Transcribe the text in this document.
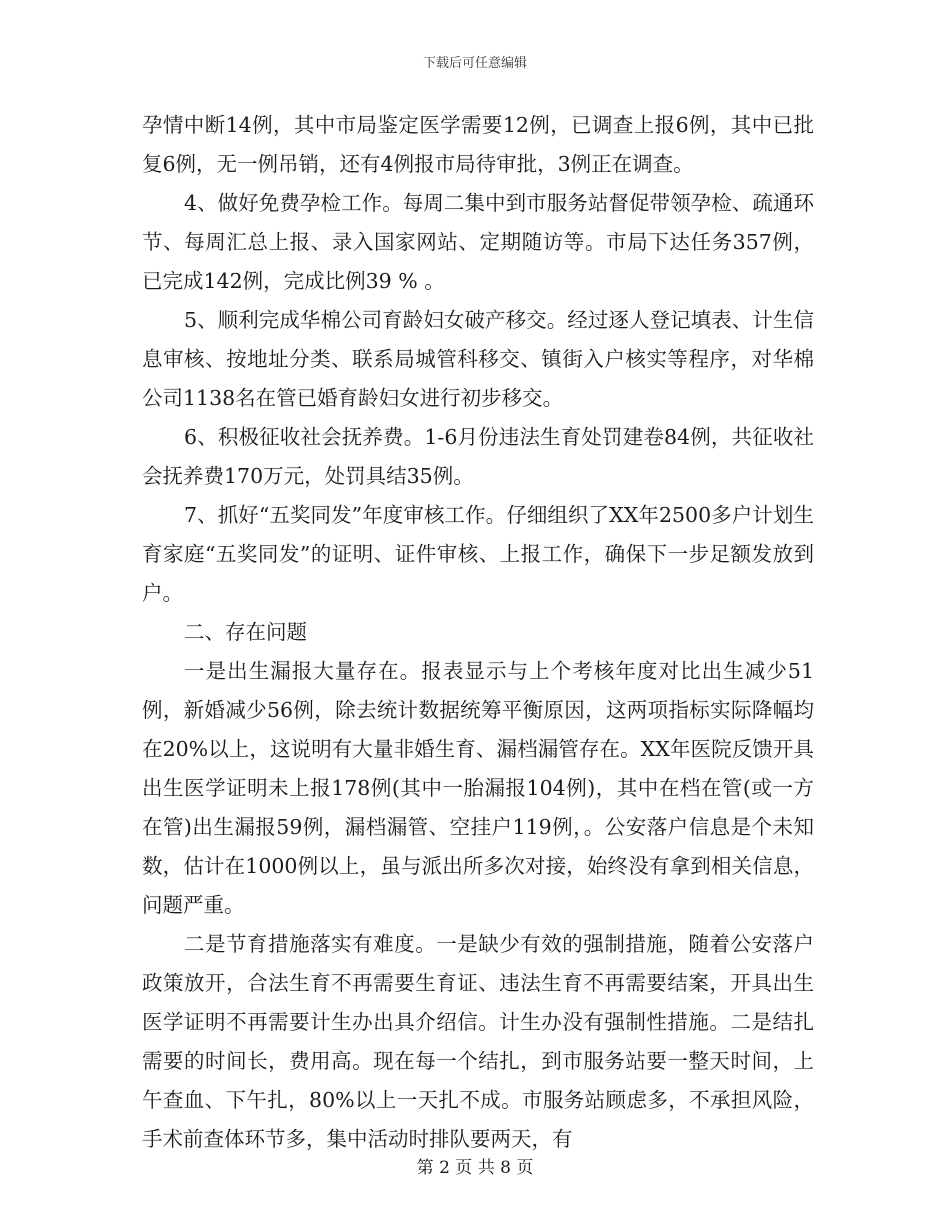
下载后可任意编辑

孕情中断14例，其中市局鉴定医学需要12例，已调查上报6例，其中已批复6例，无一例吊销，还有4例报市局待审批，3例正在调查。

4、做好免费孕检工作。每周二集中到市服务站督促带领孕检、疏通环节、每周汇总上报、录入国家网站、定期随访等。市局下达任务357例，已完成142例，完成比例39 % 。

5、顺利完成华棉公司育龄妇女破产移交。经过逐人登记填表、计生信息审核、按地址分类、联系局城管科移交、镇街入户核实等程序，对华棉公司1138名在管已婚育龄妇女进行初步移交。

6、积极征收社会抚养费。1-6月份违法生育处罚建卷84例，共征收社会抚养费170万元，处罚具结35例。

7、抓好“五奖同发”年度审核工作。仔细组织了XX年2500多户计划生育家庭“五奖同发”的证明、证件审核、上报工作，确保下一步足额发放到户。

二、存在问题

一是出生漏报大量存在。报表显示与上个考核年度对比出生减少51例，新婚减少56例，除去统计数据统筹平衡原因，这两项指标实际降幅均在20%以上，这说明有大量非婚生育、漏档漏管存在。XX年医院反馈开具出生医学证明未上报178例(其中一胎漏报104例)，其中在档在管(或一方在管)出生漏报59例，漏档漏管、空挂户119例，。公安落户信息是个未知数，估计在1000例以上，虽与派出所多次对接，始终没有拿到相关信息，问题严重。

二是节育措施落实有难度。一是缺少有效的强制措施，随着公安落户政策放开，合法生育不再需要生育证、违法生育不再需要结案，开具出生医学证明不再需要计生办出具介绍信。计生办没有强制性措施。二是结扎需要的时间长，费用高。现在每一个结扎，到市服务站要一整天时间，上午查血、下午扎，80%以上一天扎不成。市服务站顾虑多，不承担风险，手术前查体环节多，集中活动时排队要两天，有

第 2 页 共 8 页
